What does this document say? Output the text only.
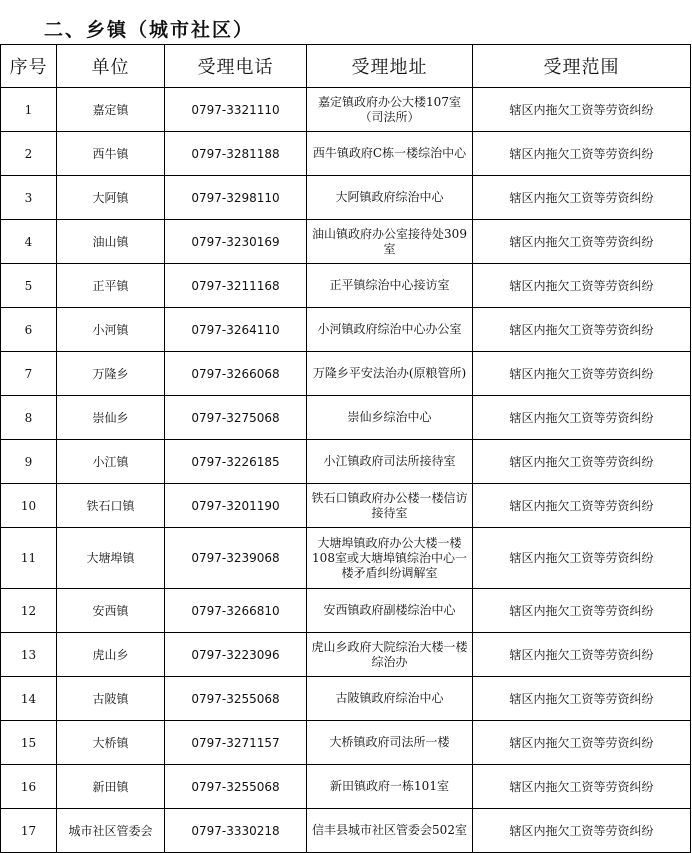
二、乡镇（城市社区）
序号	单位	受理电话	受理地址	受理范围
1	嘉定镇	0797-3321110	嘉定镇政府办公大楼107室（司法所）	辖区内拖欠工资等劳资纠纷
2	西牛镇	0797-3281188	西牛镇政府C栋一楼综治中心	辖区内拖欠工资等劳资纠纷
3	大阿镇	0797-3298110	大阿镇政府综治中心	辖区内拖欠工资等劳资纠纷
4	油山镇	0797-3230169	油山镇政府办公室接待处309室	辖区内拖欠工资等劳资纠纷
5	正平镇	0797-3211168	正平镇综治中心接访室	辖区内拖欠工资等劳资纠纷
6	小河镇	0797-3264110	小河镇政府综治中心办公室	辖区内拖欠工资等劳资纠纷
7	万隆乡	0797-3266068	万隆乡平安法治办(原粮管所)	辖区内拖欠工资等劳资纠纷
8	崇仙乡	0797-3275068	崇仙乡综治中心	辖区内拖欠工资等劳资纠纷
9	小江镇	0797-3226185	小江镇政府司法所接待室	辖区内拖欠工资等劳资纠纷
10	铁石口镇	0797-3201190	铁石口镇政府办公楼一楼信访接待室	辖区内拖欠工资等劳资纠纷
11	大塘埠镇	0797-3239068	大塘埠镇政府办公大楼一楼108室或大塘埠镇综治中心一楼矛盾纠纷调解室	辖区内拖欠工资等劳资纠纷
12	安西镇	0797-3266810	安西镇政府副楼综治中心	辖区内拖欠工资等劳资纠纷
13	虎山乡	0797-3223096	虎山乡政府大院综治大楼一楼综治办	辖区内拖欠工资等劳资纠纷
14	古陂镇	0797-3255068	古陂镇政府综治中心	辖区内拖欠工资等劳资纠纷
15	大桥镇	0797-3271157	大桥镇政府司法所一楼	辖区内拖欠工资等劳资纠纷
16	新田镇	0797-3255068	新田镇政府一栋101室	辖区内拖欠工资等劳资纠纷
17	城市社区管委会	0797-3330218	信丰县城市社区管委会502室	辖区内拖欠工资等劳资纠纷
